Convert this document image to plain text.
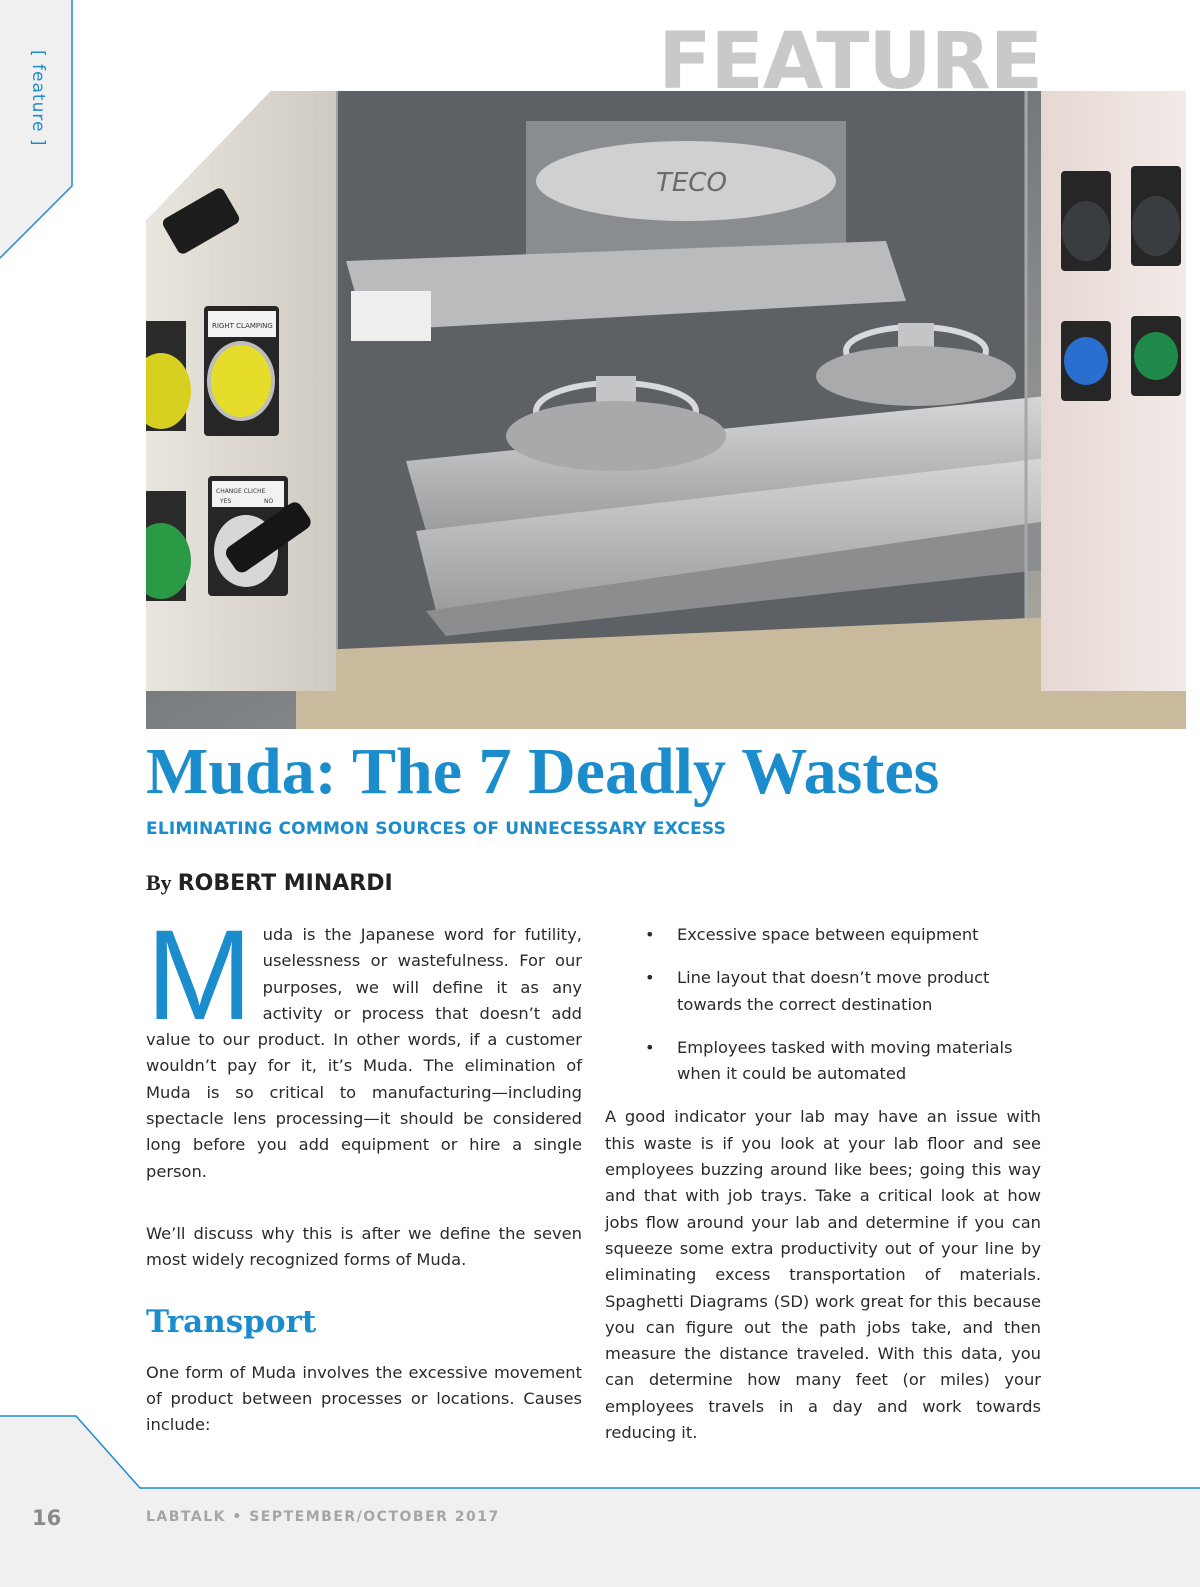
[ feature ]	FEATURE
TECO
RIGHT CLAMPING
CHANGE CLICHE
YES	NO
Muda: The 7 Deadly Wastes
ELIMINATING COMMON SOURCES OF UNNECESSARY EXCESS
By ROBERT MINARDI

Muda is the Japanese word for futility, uselessness or wastefulness. For our purposes, we will define it as any activity or process that doesn’t add value to our product. In other words, if a customer wouldn’t pay for it, it’s Muda. The elimination of Muda is so critical to manufacturing—including spectacle lens processing—it should be considered long before you add equipment or hire a single person.

We’ll discuss why this is after we define the seven most widely recognized forms of Muda.

Transport

One form of Muda involves the excessive movement of product between processes or locations. Causes include:

• Excessive space between equipment
• Line layout that doesn’t move product towards the correct destination
• Employees tasked with moving materials when it could be automated

A good indicator your lab may have an issue with this waste is if you look at your lab floor and see employees buzzing around like bees; going this way and that with job trays. Take a critical look at how jobs flow around your lab and determine if you can squeeze some extra productivity out of your line by eliminating excess transportation of materials. Spaghetti Diagrams (SD) work great for this because you can figure out the path jobs take, and then measure the distance traveled. With this data, you can determine how many feet (or miles) your employees travels in a day and work towards reducing it.

16	LABTALK • SEPTEMBER/OCTOBER 2017
